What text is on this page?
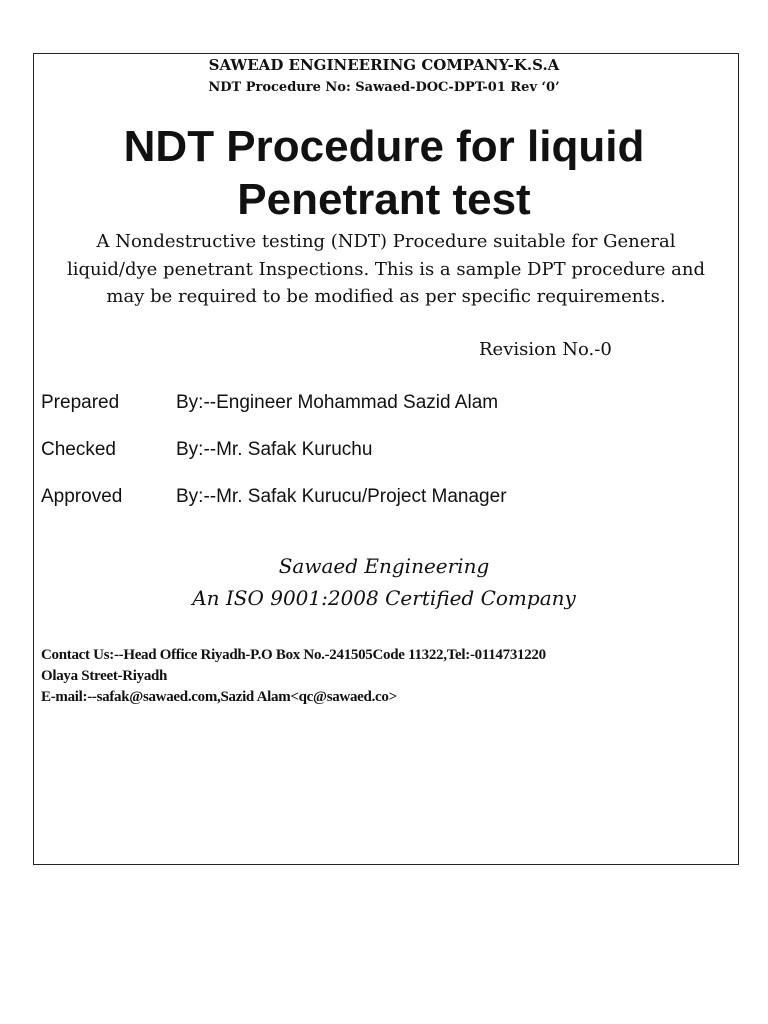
SAWEAD ENGINEERING COMPANY-K.S.A
NDT Procedure No: Sawaed-DOC-DPT-01 Rev ‘0’
NDT Procedure for liquid
Penetrant test
A Nondestructive testing (NDT) Procedure suitable for General
liquid/dye penetrant Inspections. This is a sample DPT procedure and
may be required to be modified as per specific requirements.
Revision No.-0
Prepared	By:--Engineer Mohammad Sazid Alam
Checked	By:--Mr. Safak Kuruchu
Approved	By:--Mr. Safak Kurucu/Project Manager
Sawaed Engineering
An ISO 9001:2008 Certified Company
Contact Us:--Head Office Riyadh-P.O Box No.-241505Code 11322,Tel:-0114731220
Olaya Street-Riyadh
E-mail:--safak@sawaed.com,Sazid Alam<qc@sawaed.co>
